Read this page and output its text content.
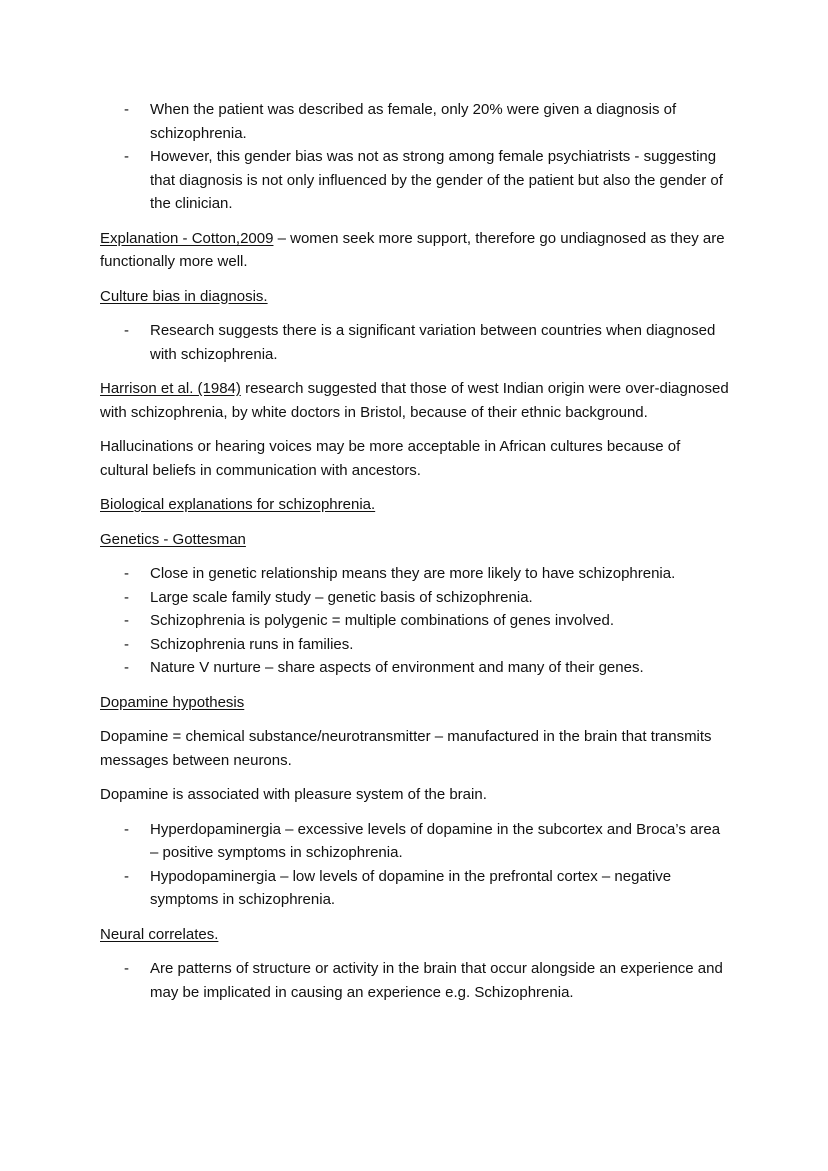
- When the patient was described as female, only 20% were given a diagnosis of schizophrenia.
- However, this gender bias was not as strong among female psychiatrists - suggesting that diagnosis is not only influenced by the gender of the patient but also the gender of the clinician.

Explanation - Cotton,2009 – women seek more support, therefore go undiagnosed as they are functionally more well.

Culture bias in diagnosis.

- Research suggests there is a significant variation between countries when diagnosed with schizophrenia.

Harrison et al. (1984) research suggested that those of west Indian origin were over-diagnosed with schizophrenia, by white doctors in Bristol, because of their ethnic background.

Hallucinations or hearing voices may be more acceptable in African cultures because of cultural beliefs in communication with ancestors.

Biological explanations for schizophrenia.

Genetics - Gottesman

- Close in genetic relationship means they are more likely to have schizophrenia.
- Large scale family study – genetic basis of schizophrenia.
- Schizophrenia is polygenic = multiple combinations of genes involved.
- Schizophrenia runs in families.
- Nature V nurture – share aspects of environment and many of their genes.

Dopamine hypothesis

Dopamine = chemical substance/neurotransmitter – manufactured in the brain that transmits messages between neurons.

Dopamine is associated with pleasure system of the brain.

- Hyperdopaminergia – excessive levels of dopamine in the subcortex and Broca’s area – positive symptoms in schizophrenia.
- Hypodopaminergia – low levels of dopamine in the prefrontal cortex – negative symptoms in schizophrenia.

Neural correlates.

- Are patterns of structure or activity in the brain that occur alongside an experience and may be implicated in causing an experience e.g. Schizophrenia.
